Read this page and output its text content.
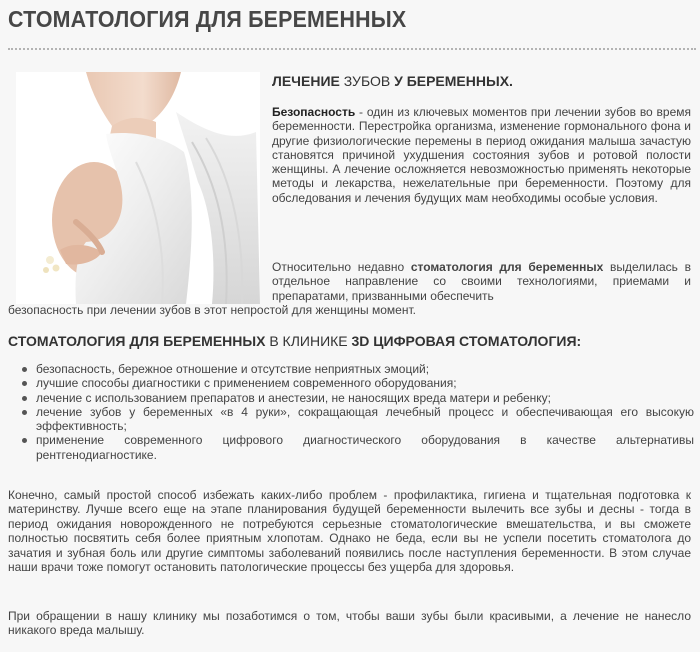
СТОМАТОЛОГИЯ ДЛЯ БЕРЕМЕННЫХ
ЛЕЧЕНИЕ ЗУБОВ У БЕРЕМЕННЫХ.
Безопасность - один из ключевых моментов при лечении зубов во время беременности. Перестройка организма, изменение гормонального фона и другие физиологические перемены в период ожидания малыша зачастую становятся причиной ухудшения состояния зубов и ротовой полости женщины. А лечение осложняется невозможностью применять некоторые методы и лекарства, нежелательные при беременности. Поэтому для обследования и лечения будущих мам необходимы особые условия.
Относительно недавно стоматология для беременных выделилась в отдельное направление со своими технологиями, приемами и препаратами, призванными обеспечить
безопасность при лечении зубов в этот непростой для женщины момент.
СТОМАТОЛОГИЯ ДЛЯ БЕРЕМЕННЫХ В КЛИНИКЕ 3D ЦИФРОВАЯ СТОМАТОЛОГИЯ:
безопасность, бережное отношение и отсутствие неприятных эмоций;
лучшие способы диагностики с применением современного оборудования;
лечение с использованием препаратов и анестезии, не наносящих вреда матери и ребенку;
лечение зубов у беременных «в 4 руки», сокращающая лечебный процесс и обеспечивающая его высокую эффективность;
применение современного цифрового диагностического оборудования в качестве альтернативы рентгенодиагностике.
Конечно, самый простой способ избежать каких-либо проблем - профилактика, гигиена и тщательная подготовка к материнству. Лучше всего еще на этапе планирования будущей беременности вылечить все зубы и десны - тогда в период ожидания новорожденного не потребуются серьезные стоматологические вмешательства, и вы сможете полностью посвятить себя более приятным хлопотам. Однако не беда, если вы не успели посетить стоматолога до зачатия и зубная боль или другие симптомы заболеваний появились после наступления беременности. В этом случае наши врачи тоже помогут остановить патологические процессы без ущерба для здоровья.
При обращении в нашу клинику мы позаботимся о том, чтобы ваши зубы были красивыми, а лечение не нанесло никакого вреда малышу.
